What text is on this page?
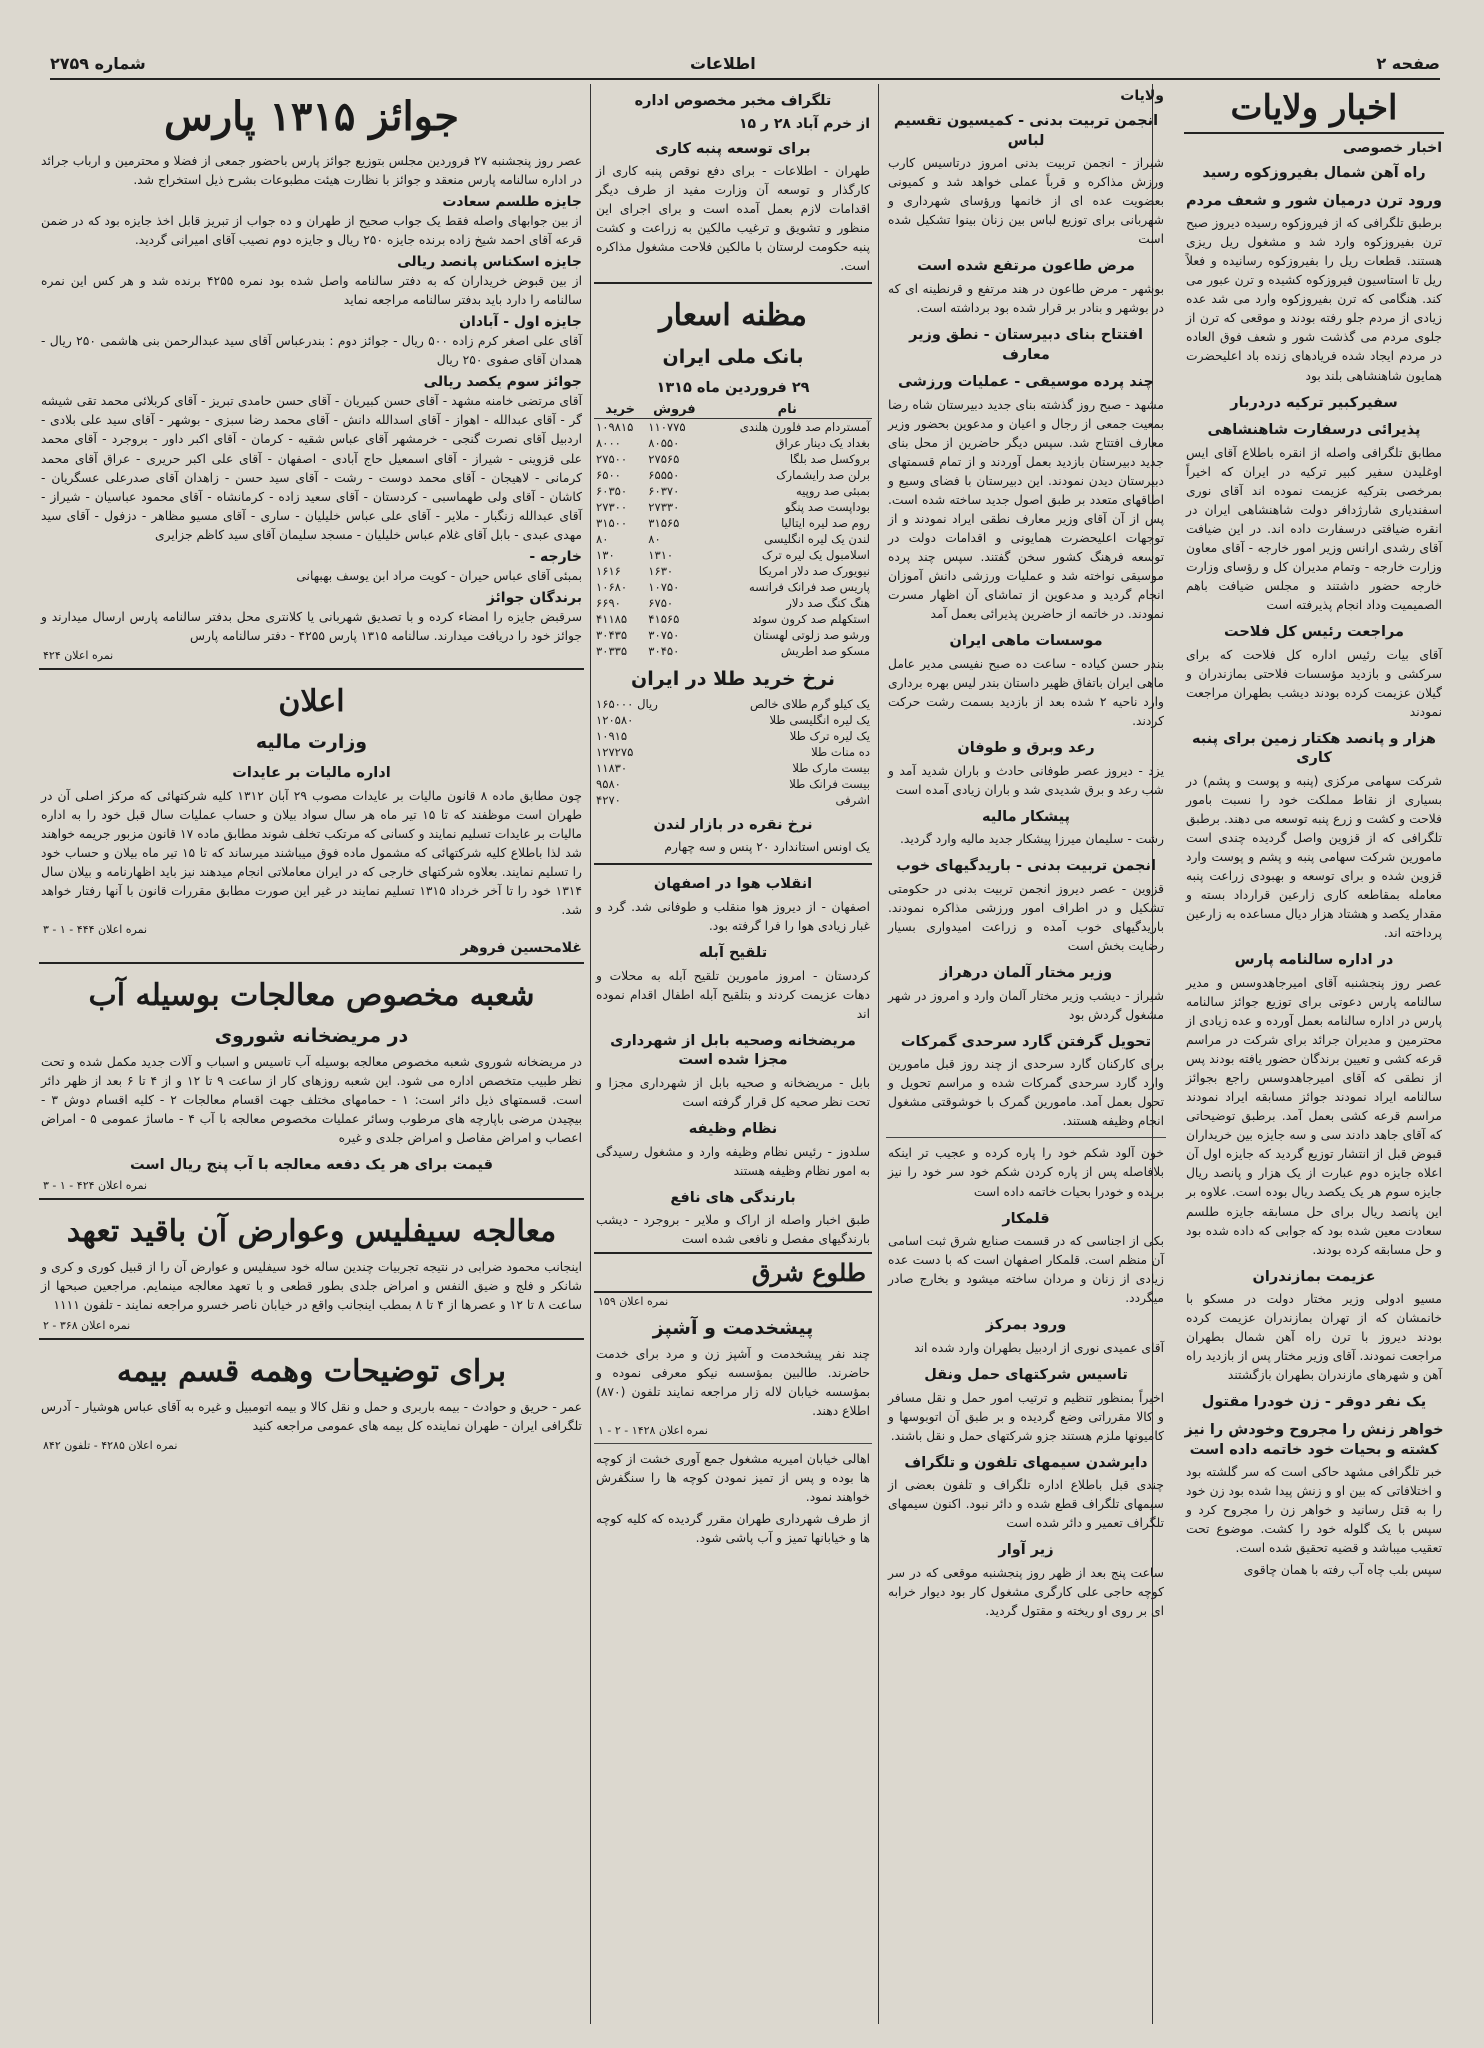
صفحه ۲
اطلاعات
شماره ۲۷۵۹
اخبار ولایات
اخبار خصوصی
راه آهن شمال بفیروزکوه رسید
ورود ترن درمیان شور و شعف مردم

برطبق تلگرافی که از فیروزکوه رسیده دیروز صبح ترن بفیروزکوه وارد شد و مشغول ریل ریزی هستند. قطعات ریل را بفیروزکوه رسانیده و فعلاً ریل تا استاسیون فیروزکوه کشیده و ترن عبور می کند. هنگامی که ترن بفیروزکوه وارد می شد عده زیادی از مردم جلو رفته بودند و موقعی که ترن از جلوی مردم می گذشت شور و شعف فوق العاده در مردم ایجاد شده فریادهای زنده باد اعلیحضرت همایون شاهنشاهی بلند بود

سفیرکبیر ترکیه دردربار
پذیرائی درسفارت شاهنشاهی

مطابق تلگرافی واصله از انقره باطلاع آقای ایس اوغلیدن سفیر کبیر ترکیه در ایران که اخیراً بمرخصی بترکیه عزیمت نموده اند آقای نوری اسفندیاری شارژدافر دولت شاهنشاهی ایران در انقره ضیافتی درسفارت داده اند. در این ضیافت آقای رشدی ارانس وزیر امور خارجه - آقای معاون وزارت خارجه - وتمام مدیران کل و رؤسای وزارت خارجه حضور داشتند و مجلس ضیافت باهم الصمیمیت وداد انجام پذیرفته است

مراجعت رئیس کل فلاحت

آقای بیات رئیس اداره کل فلاحت که برای سرکشی و بازدید مؤسسات فلاحتی بمازندران و گیلان عزیمت کرده بودند دیشب بطهران مراجعت نمودند

هزار و پانصد هکتار زمین برای پنبه کاری

شرکت سهامی مرکزی (پنبه و پوست و پشم) در بسیاری از نقاط مملکت خود را نسبت بامور فلاحت و کشت و زرع پنبه توسعه می دهند. برطبق تلگرافی که از قزوین واصل گردیده چندی است مامورین شرکت سهامی پنبه و پشم و پوست وارد قزوین شده و برای توسعه و بهبودی زراعت پنبه معامله بمقاطعه کاری زارعین قرارداد بسته و مقدار یکصد و هشتاد هزار دیال مساعده به زارعین پرداخته اند.

در اداره سالنامه پارس

عصر روز پنجشنبه آقای امیرجاهدوسس و مدیر سالنامه پارس دعوتی برای توزیع جوائز سالنامه پارس در اداره سالنامه بعمل آورده و عده زیادی از محترمین و مدیران جرائد برای شرکت در مراسم قرعه کشی و تعیین برندگان حضور یافته بودند پس از نطقی که آقای امیرجاهدوسس راجع بجوائز سالنامه ایراد نمودند جوائز مسابقه ایراد نمودند مراسم قرعه کشی بعمل آمد. برطبق توضیحاتی که آقای جاهد دادند سی و سه جایزه بین خریداران قبوض قبل از انتشار توزیع گردید که جایزه اول آن اعلاه جایزه دوم عبارت از یک هزار و پانصد ریال جایزه سوم هر یک یکصد ریال بوده است. علاوه بر این پانصد ریال برای حل مسابقه جایزه طلسم سعادت معین شده بود که جوابی که داده شده بود و حل مسابقه کرده بودند.

عزیمت بمازندران

مسیو ادولی وزیر مختار دولت در مسکو با خانمشان که از تهران بمازندران عزیمت کرده بودند دیروز با ترن راه آهن شمال بطهران مراجعت نمودند. آقای وزیر مختار پس از بازدید راه آهن و شهرهای مازندران بطهران بازگشتند

یک نفر دوقر - زن خودرا مقتول
خواهر زنش را مجروح وخودش را نیز کشته و بحیات خود خاتمه داده است

خبر تلگرافی مشهد حاکی است که سر گلشته بود و اختلافاتی که بین او و زنش پیدا شده بود زن خود را به قتل رسانید و خواهر زن را مجروح کرد و سپس با یک گلوله خود را کشت. موضوع تحت تعقیب میباشد و قضیه تحقیق شده است.

سپس بلب چاه آب رفته با همان چاقوی

ولایات
انجمن تربیت بدنی - کمیسیون تقسیم لباس

شیراز - انجمن تربیت بدنی امروز درتاسیس کارب ورزش مذاکره و قرباً عملی خواهد شد و کمیونی بعضویت عده ای از خانمها ورؤسای شهرداری و شهربانی برای توزیع لباس بین زنان بینوا تشکیل شده است

مرض طاعون مرتفع شده است

بوشهر - مرض طاعون در هند مرتفع و قرنطینه ای که در بوشهر و بنادر بر قرار شده بود برداشته است.

افتتاح بنای دبیرستان - نطق وزیر معارف
چند پرده موسیقی - عملیات ورزشی

مشهد - صبح روز گذشته بنای جدید دبیرستان شاه رضا بمعیت جمعی از رجال و اعیان و مدعوین بحضور وزیر معارف افتتاح شد. سپس دیگر حاضرین از محل بنای جدید دبیرستان بازدید بعمل آوردند و از تمام قسمتهای دبیرستان دیدن نمودند. این دبیرستان با فضای وسیع و اطاقهای متعدد بر طبق اصول جدید ساخته شده است. پس از آن آقای وزیر معارف نطقی ایراد نمودند و از توجهات اعلیحضرت همایونی و اقدامات دولت در توسعه فرهنگ کشور سخن گفتند. سپس چند پرده موسیقی نواخته شد و عملیات ورزشی دانش آموزان انجام گردید و مدعوین از تماشای آن اظهار مسرت نمودند. در خاتمه از حاضرین پذیرائی بعمل آمد

موسسات ماهی ایران

بندر حسن کیاده - ساعت ده صبح نفیسی مدیر عامل ماهی ایران باتفاق ظهیر داستان بندر لیس بهره برداری وارد ناحیه ۲ شده بعد از بازدید بسمت رشت حرکت کردند.

رعد وبرق و طوفان

یزد - دیروز عصر طوفانی حادث و باران شدید آمد و شب رعد و برق شدیدی شد و باران زیادی آمده است

پیشکار مالیه

رشت - سلیمان میرزا پیشکار جدید مالیه وارد گردید.

انجمن تربیت بدنی - باریدگیهای خوب

قزوین - عصر دیروز انجمن تربیت بدنی در حکومتی تشکیل و در اطراف امور ورزشی مذاکره نمودند. باریدگیهای خوب آمده و زراعت امیدواری بسیار رضایت بخش است

وزیر مختار آلمان درهراز

شیراز - دیشب وزیر مختار آلمان وارد و امروز در شهر مشغول گردش بود

تحویل گرفتن گارد سرحدی گمرکات

برای کارکنان گارد سرحدی از چند روز قبل مامورین وارد گارد سرحدی گمرکات شده و مراسم تحویل و تحول بعمل آمد. مامورین گمرک با خوشوقتی مشغول انجام وظیفه هستند.

خون آلود شکم خود را پاره کرده و عجیب تر اینکه بلافاصله پس از پاره کردن شکم خود سر خود را نیز بریده و خودرا بحیات خاتمه داده است

قلمکار

بکی از اجناسی که در قسمت صنایع شرق ثبت اسامی آن منظم است. قلمکار اصفهان است که با دست عده زیادی از زنان و مردان ساخته میشود و بخارج صادر میگردد.

ورود بمرکز

آقای عمیدی نوری از اردبیل بطهران وارد شده اند

تاسیس شرکتهای حمل ونقل

اخیراً بمنظور تنظیم و ترتیب امور حمل و نقل مسافر و کالا مقرراتی وضع گردیده و بر طبق آن اتوبوسها و کامیونها ملزم هستند جزو شرکتهای حمل و نقل باشند.

دایرشدن سیمهای تلفون و تلگراف

چندی قبل باطلاع اداره تلگراف و تلفون بعضی از سیمهای تلگراف قطع شده و دائر نبود. اکنون سیمهای تلگراف تعمیر و دائر شده است

زیر آوار

ساعت پنج بعد از ظهر روز پنجشنبه موقعی که در سر کوچه حاجی علی کارگری مشغول کار بود دیوار خرابه ای بر روی او ریخته و مقتول گردید.

تلگراف مخبر مخصوص اداره
از خرم آباد ۲۸ ر ۱۵
برای توسعه پنبه کاری

طهران - اطلاعات - برای دفع نوقص پنبه کاری از کارگذار و توسعه آن وزارت مفید از طرف دیگر اقدامات لازم بعمل آمده است و برای اجرای این منظور و تشویق و ترغیب مالکین به زراعت و کشت پنبه حکومت لرستان با مالکین فلاحت مشغول مذاکره است.

مظنه اسعار
بانک ملی ایران
۲۹ فروردین ماه ۱۳۱۵
نام	فروش	خرید
آمستردام صد فلورن هلندی	۱۱۰۷۷۵	۱۰۹۸۱۵
بغداد یک دینار عراق	۸۰۵۵۰	۸۰۰۰
بروکسل صد بلگا	۲۷۵۶۵	۲۷۵۰۰
برلن صد رایشمارک	۶۵۵۵۰	۶۵۰۰
بمبئی صد روپیه	۶۰۳۷۰	۶۰۳۵۰
بوداپست صد پنگو	۲۷۳۳۰	۲۷۳۰۰
روم صد لیره ایتالیا	۳۱۵۶۵	۳۱۵۰۰
لندن یک لیره انگلیسی	۸۰	۸۰
اسلامبول یک لیره ترک	۱۳۱۰	۱۳۰
نیویورک صد دلار امریکا	۱۶۳۰	۱۶۱۶
پاریس صد فرانک فرانسه	۱۰۷۵۰	۱۰۶۸۰
هنگ کنگ صد دلار	۶۷۵۰	۶۶۹۰
استکهلم صد کرون سوئد	۴۱۵۶۵	۴۱۱۸۵
ورشو صد زلوتی لهستان	۳۰۷۵۰	۳۰۴۳۵
مسکو صد اطریش	۳۰۴۵۰	۳۰۳۳۵
نرخ خرید طلا در ایران
یک کیلو گرم طلای خالص	۱۶۵۰۰۰ ریال
یک لیره انگلیسی طلا	۱۲۰۵۸۰
یک لیره ترک طلا	۱۰۹۱۵
ده منات طلا	۱۲۷۲۷۵
بیست مارک طلا	۱۱۸۳۰
بیست فرانک طلا	۹۵۸۰
اشرفی	۴۲۷۰
نرخ نقره در بازار لندن

یک اونس استاندارد ۲۰ پنس و سه چهارم

انقلاب هوا در اصفهان

اصفهان - از دیروز هوا منقلب و طوفانی شد. گرد و غبار زیادی هوا را فرا گرفته بود.

تلقیح آبله

کردستان - امروز مامورین تلقیح آبله به محلات و دهات عزیمت کردند و بتلقیح آبله اطفال اقدام نموده اند

مریضخانه وصحیه بابل از شهرداری مجزا شده است

بابل - مریضخانه و صحیه بابل از شهرداری مجزا و تحت نظر صحیه کل قرار گرفته است

نظام وظیفه

سلدوز - رئیس نظام وظیفه وارد و مشغول رسیدگی به امور نظام وظیفه هستند

بارندگی های نافع

طبق اخبار واصله از اراک و ملایر - بروجرد - دیشب بارندگیهای مفصل و نافعی شده است

طلوع شرق
نمره اعلان ۱۵۹
پیشخدمت و آشپز

چند نفر پیشخدمت و آشپز زن و مرد برای خدمت حاضرند. طالبین بمؤسسه نیکو معرفی نموده و بمؤسسه خیابان لاله زار مراجعه نمایند تلفون (۸۷۰) اطلاع دهند.

نمره اعلان ۱۴۲۸ - ۲ - ۱

اهالی خیابان امیریه مشغول جمع آوری خشت از کوچه ها بوده و پس از تمیز نمودن کوچه ها را سنگفرش خواهند نمود.

از طرف شهرداری طهران مقرر گردیده که کلیه کوچه ها و خیابانها تمیز و آب پاشی شود.

جوائز ۱۳۱۵ پارس

عصر روز پنجشنبه ۲۷ فروردین مجلس بتوزیع جوائز پارس باحضور جمعی از فضلا و محترمین و ارباب جرائد در اداره سالنامه پارس منعقد و جوائز با نظارت هیئت مطبوعات بشرح ذیل استخراج شد.

جایزه طلسم سعادت

از بین جوابهای واصله فقط یک جواب صحیح از طهران و ده جواب از تبریز قابل اخذ جایزه بود که در ضمن قرعه آقای احمد شیخ زاده برنده جایزه ۲۵۰ ریال و جایزه دوم نصیب آقای امیرانی گردید.

جایزه اسکناس پانصد ریالی

از بین قبوض خریداران که به دفتر سالنامه واصل شده بود نمره ۴۲۵۵ برنده شد و هر کس این نمره سالنامه را دارد باید بدفتر سالنامه مراجعه نماید

جایزه اول - آبادان

آقای علی اصغر کرم زاده ۵۰۰ ریال - جوائز دوم : بندرعباس آقای سید عبدالرحمن بنی هاشمی ۲۵۰ ریال - همدان آقای صفوی ۲۵۰ ریال

جوائز سوم یکصد ریالی

آقای مرتضی خامنه مشهد - آقای حسن کبیریان - آقای حسن حامدی تبریز - آقای کربلائی محمد تقی شیشه گر - آقای عبدالله - اهواز - آقای اسدالله دانش - آقای محمد رضا سبزی - بوشهر - آقای سید علی بلادی - اردبیل آقای نصرت گنجی - خرمشهر آقای عباس شقیه - کرمان - آقای اکبر داور - بروجرد - آقای محمد علی قزوینی - شیراز - آقای اسمعیل حاج آبادی - اصفهان - آقای علی اکبر حریری - عراق آقای محمد کرمانی - لاهیجان - آقای محمد دوست - رشت - آقای سید حسن - زاهدان آقای صدرعلی عسگریان - کاشان - آقای ولی طهماسبی - کردستان - آقای سعید زاده - کرمانشاه - آقای محمود عباسیان - شیراز - آقای عبدالله زنگبار - ملایر - آقای علی عباس خلیلیان - ساری - آقای مسیو مظاهر - دزفول - آقای سید مهدی عبدی - بابل آقای غلام عباس خلیلیان - مسجد سلیمان آقای سید کاظم جزایری

خارجه -

بمبئی آقای عباس حیران - کویت مراد ابن یوسف بهبهانی

برندگان جوائز

سرقبض جایزه را امضاء کرده و با تصدیق شهربانی یا کلانتری محل بدفتر سالنامه پارس ارسال میدارند و جوائز خود را دریافت میدارند. سالنامه ۱۳۱۵ پارس ۴۲۵۵ - دفتر سالنامه پارس

نمره اعلان ۴۲۴
اعلان
وزارت مالیه
اداره مالیات بر عایدات

چون مطابق ماده ۸ قانون مالیات بر عایدات مصوب ۲۹ آبان ۱۳۱۲ کلیه شرکتهائی که مرکز اصلی آن در طهران است موظفند که تا ۱۵ تیر ماه هر سال سواد بیلان و حساب عملیات سال قبل خود را به اداره مالیات بر عایدات تسلیم نمایند و کسانی که مرتکب تخلف شوند مطابق ماده ۱۷ قانون مزبور جریمه خواهند شد لذا باطلاع کلیه شرکتهائی که مشمول ماده فوق میباشند میرساند که تا ۱۵ تیر ماه بیلان و حساب خود را تسلیم نمایند. بعلاوه شرکتهای خارجی که در ایران معاملاتی انجام میدهند نیز باید اظهارنامه و بیلان سال ۱۳۱۴ خود را تا آخر خرداد ۱۳۱۵ تسلیم نمایند در غیر این صورت مطابق مقررات قانون با آنها رفتار خواهد شد.

نمره اعلان ۴۴۴ - ۱ - ۳
غلامحسین فروهر
شعبه مخصوص معالجات بوسیله آب
در مریضخانه شوروی

در مریضخانه شوروی شعبه مخصوص معالجه بوسیله آب تاسیس و اسباب و آلات جدید مکمل شده و تحت نظر طبیب متخصص اداره می شود. این شعبه روزهای کار از ساعت ۹ تا ۱۲ و از ۴ تا ۶ بعد از ظهر دائر است. قسمتهای ذیل دائر است: ۱ - حمامهای مختلف جهت اقسام معالجات ۲ - کلیه اقسام دوش ۳ - بیچیدن مرضی باپارچه های مرطوب وسائر عملیات مخصوص معالجه با آب ۴ - ماساژ عمومی ۵ - امراض اعصاب و امراض مفاصل و امراض جلدی و غیره

قیمت برای هر یک دفعه معالجه با آب پنج ریال است
نمره اعلان ۴۲۴ - ۱ - ۳
معالجه سیفلیس وعوارض آن باقید تعهد

اینجانب محمود ضرابی در نتیجه تجربیات چندین ساله خود سیفلیس و عوارض آن را از قبیل کوری و کری و شانکر و فلج و ضیق النفس و امراض جلدی بطور قطعی و با تعهد معالجه مینمایم. مراجعین صبحها از ساعت ۸ تا ۱۲ و عصرها از ۴ تا ۸ بمطب اینجانب واقع در خیابان ناصر خسرو مراجعه نمایند - تلفون ۱۱۱۱

نمره اعلان ۳۶۸ - ۲
برای توضیحات وهمه قسم بیمه

عمر - حریق و حوادث - بیمه باربری و حمل و نقل کالا و بیمه اتومبیل و غیره به آقای عباس هوشیار - آدرس تلگرافی ایران - طهران نماینده کل بیمه های عمومی مراجعه کنید

نمره اعلان ۴۲۸۵ - تلفون ۸۴۲
